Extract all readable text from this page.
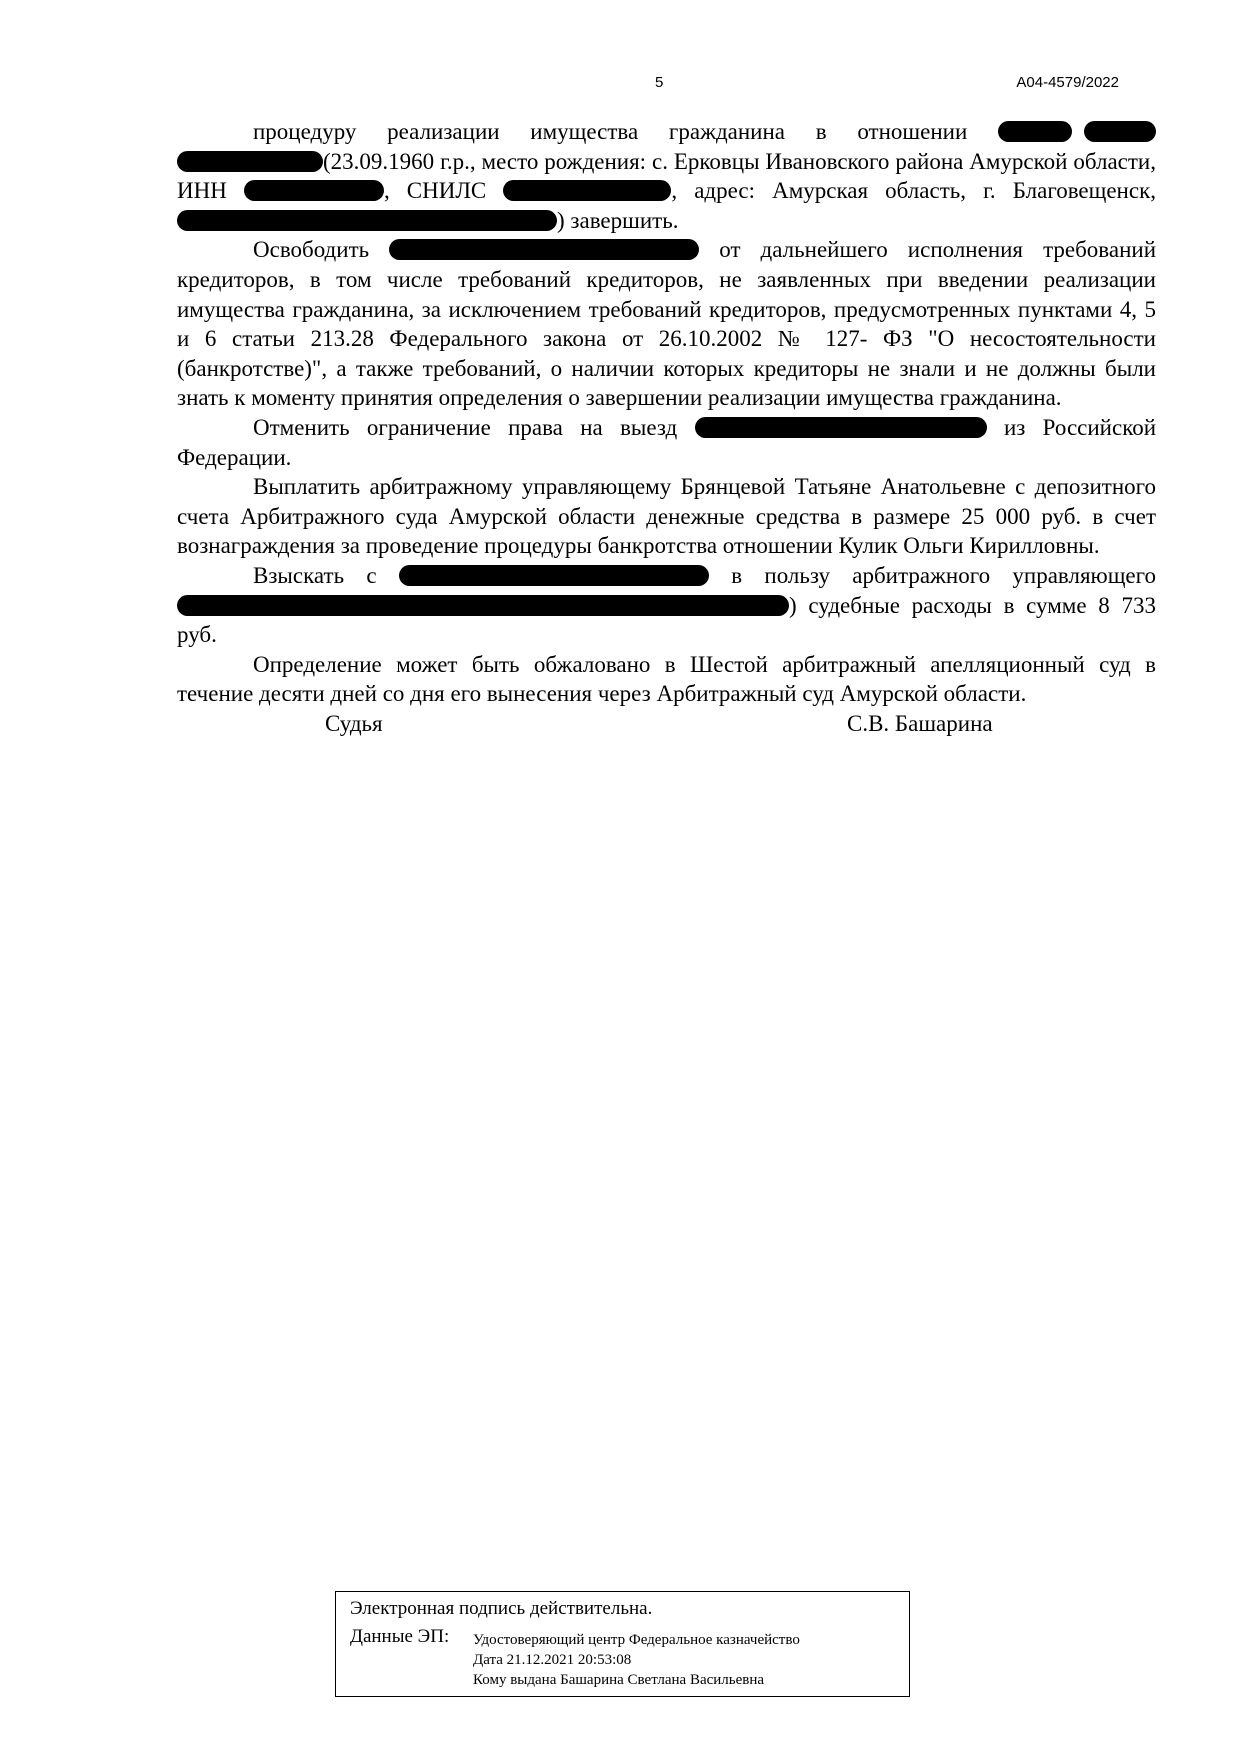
5	А04-4579/2022

процедуру реализации имущества гражданина в отношении  (23.09.1960 г.р., место рождения: с. Ерковцы Ивановского района Амурской области, ИНН	, СНИЛС	, адрес: Амурская область, г. Благовещенск, ) завершить.

Освободить	от дальнейшего исполнения требований кредиторов, в том числе требований кредиторов, не заявленных при введении реализации имущества гражданина, за исключением требований кредиторов, предусмотренных пунктами 4, 5 и 6 статьи 213.28 Федерального закона от 26.10.2002 № 127- ФЗ "О несостоятельности (банкротстве)", а также требований, о наличии которых кредиторы не знали и не должны были знать к моменту принятия определения о завершении реализации имущества гражданина.

Отменить ограничение права на выезд	из Российской Федерации.

Выплатить арбитражному управляющему Брянцевой Татьяне Анатольевне с депозитного счета Арбитражного суда Амурской области денежные средства в размере 25 000 руб. в счет вознаграждения за проведение процедуры банкротства отношении Кулик Ольги Кирилловны.

Взыскать с	в пользу арбитражного управляющего ) судебные расходы в сумме 8 733 руб.

Определение может быть обжаловано в Шестой арбитражный апелляционный суд в течение десяти дней со дня его вынесения через Арбитражный суд Амурской области.

Судья	С.В. Башарина
Электронная подпись действительна.
Данные ЭП: Удостоверяющий центр Федеральное казначейство
Дата 21.12.2021 20:53:08
Кому выдана Башарина Светлана Васильевна
